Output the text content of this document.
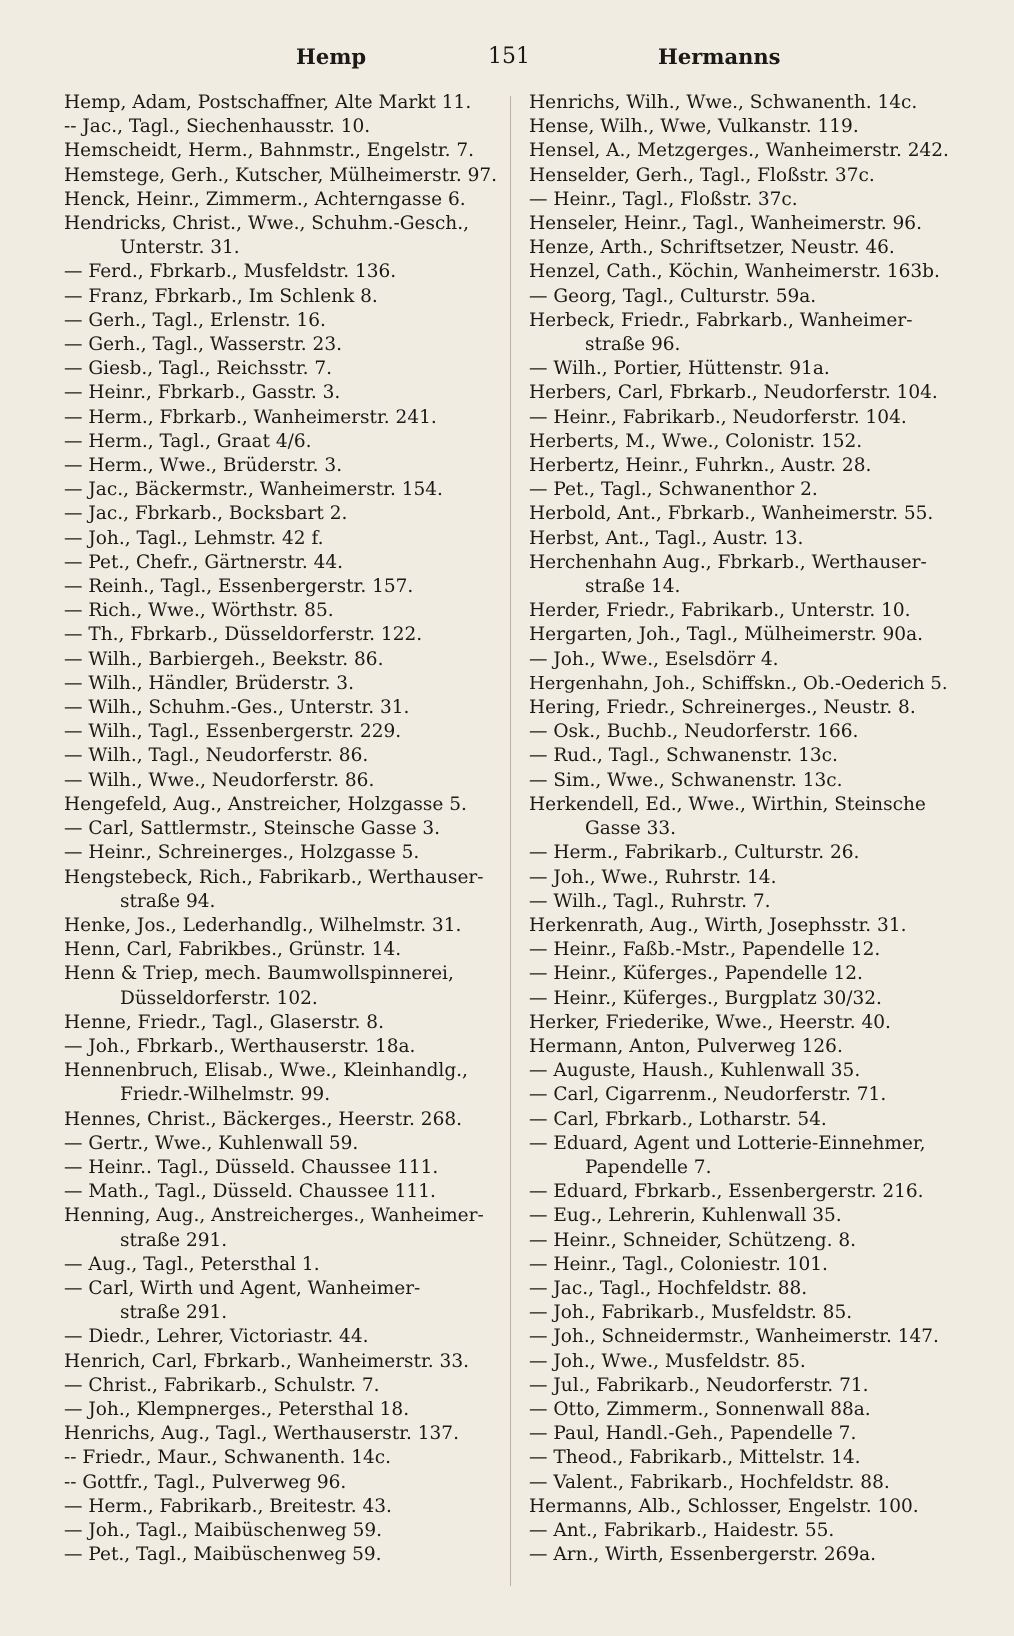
Hemp	151	Hermanns
Hemp, Adam, Postschaffner, Alte Markt 11.
-- Jac., Tagl., Siechenhausstr. 10.
Hemscheidt, Herm., Bahnmstr., Engelstr. 7.
Hemstege, Gerh., Kutscher, Mülheimerstr. 97.
Henck, Heinr., Zimmerm., Achterngasse 6.
Hendricks, Christ., Wwe., Schuhm.-Gesch.,
Unterstr. 31.
— Ferd., Fbrkarb., Musfeldstr. 136.
— Franz, Fbrkarb., Im Schlenk 8.
— Gerh., Tagl., Erlenstr. 16.
— Gerh., Tagl., Wasserstr. 23.
— Giesb., Tagl., Reichsstr. 7.
— Heinr., Fbrkarb., Gasstr. 3.
— Herm., Fbrkarb., Wanheimerstr. 241.
— Herm., Tagl., Graat 4/6.
— Herm., Wwe., Brüderstr. 3.
— Jac., Bäckermstr., Wanheimerstr. 154.
— Jac., Fbrkarb., Bocksbart 2.
— Joh., Tagl., Lehmstr. 42 f.
— Pet., Chefr., Gärtnerstr. 44.
— Reinh., Tagl., Essenbergerstr. 157.
— Rich., Wwe., Wörthstr. 85.
— Th., Fbrkarb., Düsseldorferstr. 122.
— Wilh., Barbiergeh., Beekstr. 86.
— Wilh., Händler, Brüderstr. 3.
— Wilh., Schuhm.-Ges., Unterstr. 31.
— Wilh., Tagl., Essenbergerstr. 229.
— Wilh., Tagl., Neudorferstr. 86.
— Wilh., Wwe., Neudorferstr. 86.
Hengefeld, Aug., Anstreicher, Holzgasse 5.
— Carl, Sattlermstr., Steinsche Gasse 3.
— Heinr., Schreinerges., Holzgasse 5.
Hengstebeck, Rich., Fabrikarb., Werthauser-
straße 94.
Henke, Jos., Lederhandlg., Wilhelmstr. 31.
Henn, Carl, Fabrikbes., Grünstr. 14.
Henn & Triep, mech. Baumwollspinnerei,
Düsseldorferstr. 102.
Henne, Friedr., Tagl., Glaserstr. 8.
— Joh., Fbrkarb., Werthauserstr. 18a.
Hennenbruch, Elisab., Wwe., Kleinhandlg.,
Friedr.-Wilhelmstr. 99.
Hennes, Christ., Bäckerges., Heerstr. 268.
— Gertr., Wwe., Kuhlenwall 59.
— Heinr.. Tagl., Düsseld. Chaussee 111.
— Math., Tagl., Düsseld. Chaussee 111.
Henning, Aug., Anstreicherges., Wanheimer-
straße 291.
— Aug., Tagl., Petersthal 1.
— Carl, Wirth und Agent, Wanheimer-
straße 291.
— Diedr., Lehrer, Victoriastr. 44.
Henrich, Carl, Fbrkarb., Wanheimerstr. 33.
— Christ., Fabrikarb., Schulstr. 7.
— Joh., Klempnerges., Petersthal 18.
Henrichs, Aug., Tagl., Werthauserstr. 137.
-- Friedr., Maur., Schwanenth. 14c.
-- Gottfr., Tagl., Pulverweg 96.
— Herm., Fabrikarb., Breitestr. 43.
— Joh., Tagl., Maibüschenweg 59.
— Pet., Tagl., Maibüschenweg 59.
Henrichs, Wilh., Wwe., Schwanenth. 14c.
Hense, Wilh., Wwe, Vulkanstr. 119.
Hensel, A., Metzgerges., Wanheimerstr. 242.
Henselder, Gerh., Tagl., Floßstr. 37c.
— Heinr., Tagl., Floßstr. 37c.
Henseler, Heinr., Tagl., Wanheimerstr. 96.
Henze, Arth., Schriftsetzer, Neustr. 46.
Henzel, Cath., Köchin, Wanheimerstr. 163b.
— Georg, Tagl., Culturstr. 59a.
Herbeck, Friedr., Fabrkarb., Wanheimer-
straße 96.
— Wilh., Portier, Hüttenstr. 91a.
Herbers, Carl, Fbrkarb., Neudorferstr. 104.
— Heinr., Fabrikarb., Neudorferstr. 104.
Herberts, M., Wwe., Colonistr. 152.
Herbertz, Heinr., Fuhrkn., Austr. 28.
— Pet., Tagl., Schwanenthor 2.
Herbold, Ant., Fbrkarb., Wanheimerstr. 55.
Herbst, Ant., Tagl., Austr. 13.
Herchenhahn Aug., Fbrkarb., Werthauser-
straße 14.
Herder, Friedr., Fabrikarb., Unterstr. 10.
Hergarten, Joh., Tagl., Mülheimerstr. 90a.
— Joh., Wwe., Eselsdörr 4.
Hergenhahn, Joh., Schiffskn., Ob.-Oederich 5.
Hering, Friedr., Schreinerges., Neustr. 8.
— Osk., Buchb., Neudorferstr. 166.
— Rud., Tagl., Schwanenstr. 13c.
— Sim., Wwe., Schwanenstr. 13c.
Herkendell, Ed., Wwe., Wirthin, Steinsche
Gasse 33.
— Herm., Fabrikarb., Culturstr. 26.
— Joh., Wwe., Ruhrstr. 14.
— Wilh., Tagl., Ruhrstr. 7.
Herkenrath, Aug., Wirth, Josephsstr. 31.
— Heinr., Faßb.-Mstr., Papendelle 12.
— Heinr., Küferges., Papendelle 12.
— Heinr., Küferges., Burgplatz 30/32.
Herker, Friederike, Wwe., Heerstr. 40.
Hermann, Anton, Pulverweg 126.
— Auguste, Haush., Kuhlenwall 35.
— Carl, Cigarrenm., Neudorferstr. 71.
— Carl, Fbrkarb., Lotharstr. 54.
— Eduard, Agent und Lotterie-Einnehmer,
Papendelle 7.
— Eduard, Fbrkarb., Essenbergerstr. 216.
— Eug., Lehrerin, Kuhlenwall 35.
— Heinr., Schneider, Schützeng. 8.
— Heinr., Tagl., Coloniestr. 101.
— Jac., Tagl., Hochfeldstr. 88.
— Joh., Fabrikarb., Musfeldstr. 85.
— Joh., Schneidermstr., Wanheimerstr. 147.
— Joh., Wwe., Musfeldstr. 85.
— Jul., Fabrikarb., Neudorferstr. 71.
— Otto, Zimmerm., Sonnenwall 88a.
— Paul, Handl.-Geh., Papendelle 7.
— Theod., Fabrikarb., Mittelstr. 14.
— Valent., Fabrikarb., Hochfeldstr. 88.
Hermanns, Alb., Schlosser, Engelstr. 100.
— Ant., Fabrikarb., Haidestr. 55.
— Arn., Wirth, Essenbergerstr. 269a.
